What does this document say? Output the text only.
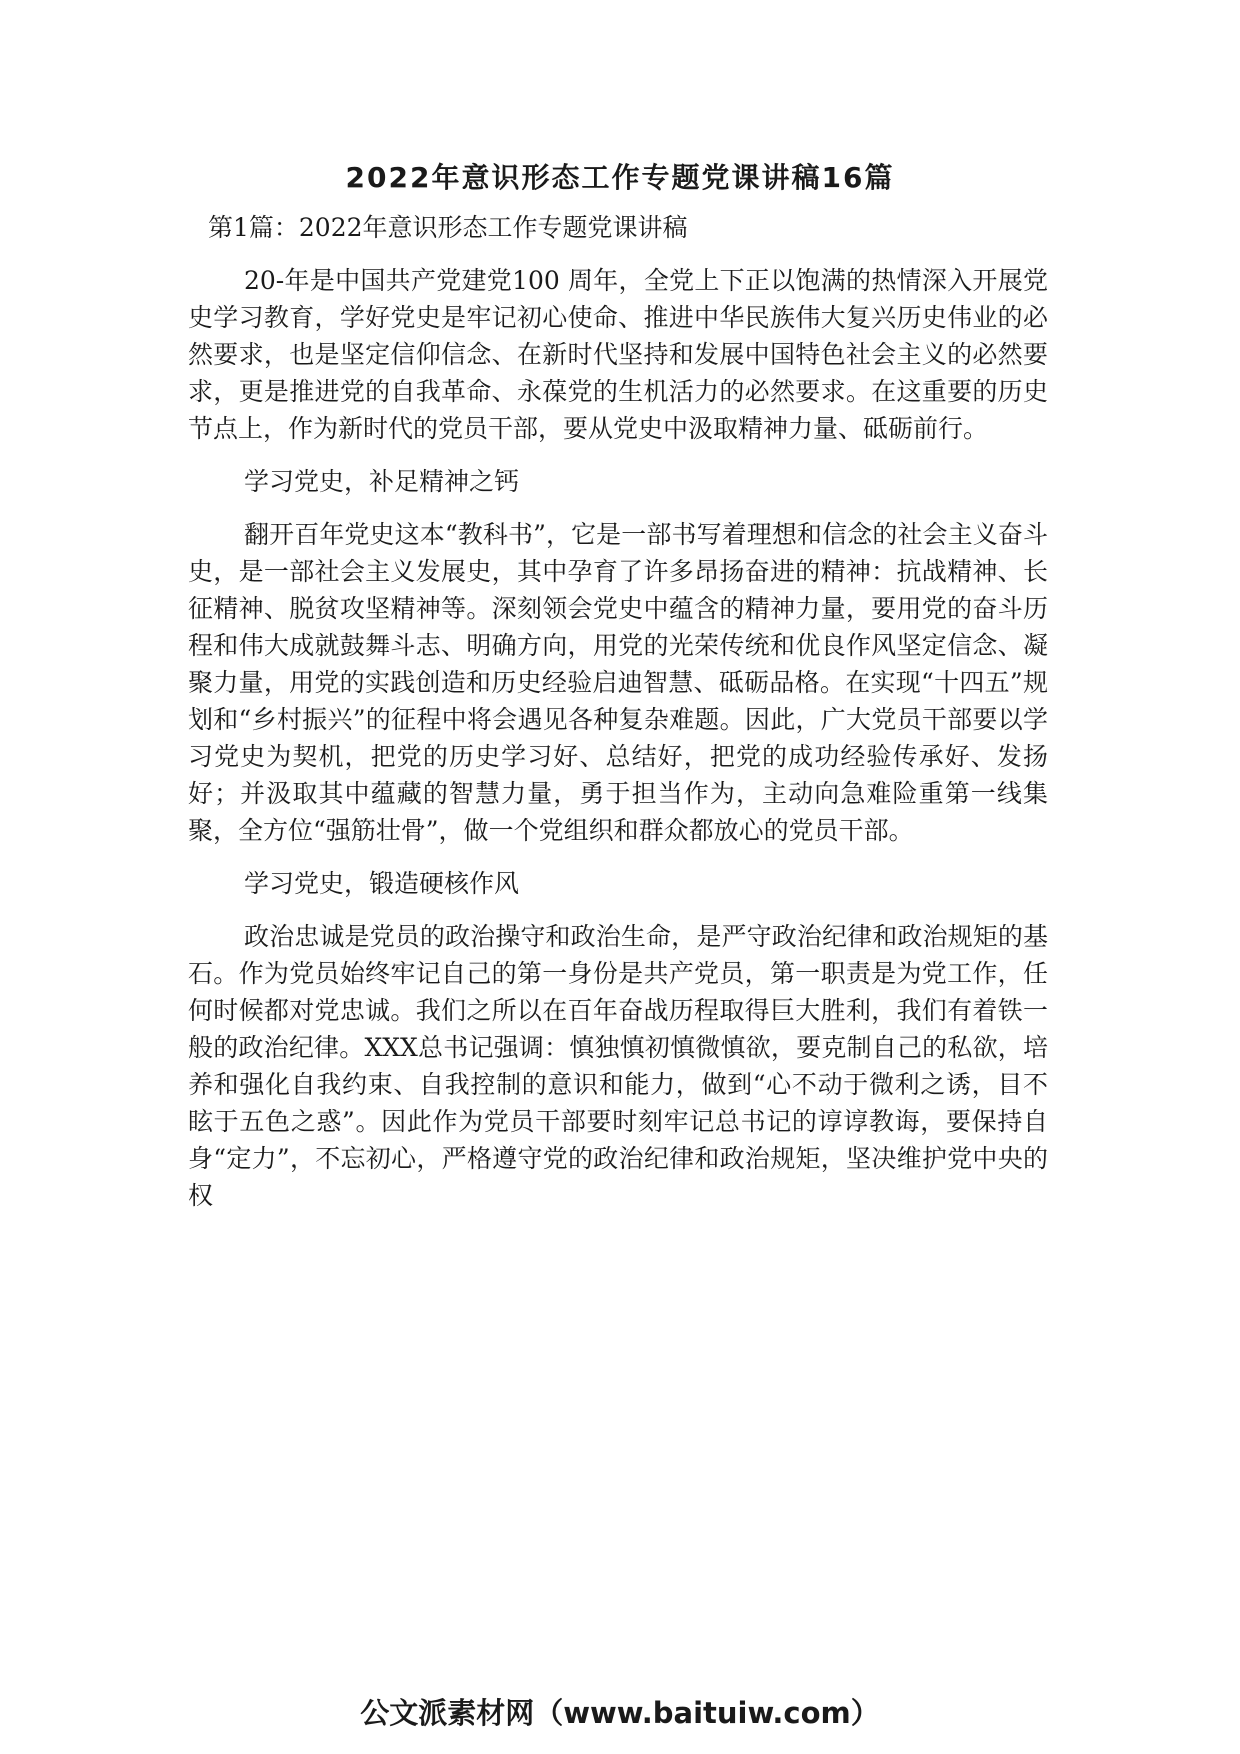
2022年意识形态工作专题党课讲稿16篇
第1篇：2022年意识形态工作专题党课讲稿

20-年是中国共产党建党100 周年，全党上下正以饱满的热情深入开展党史学习教育，学好党史是牢记初心使命、推进中华民族伟大复兴历史伟业的必然要求，也是坚定信仰信念、在新时代坚持和发展中国特色社会主义的必然要求，更是推进党的自我革命、永葆党的生机活力的必然要求。在这重要的历史节点上，作为新时代的党员干部，要从党史中汲取精神力量、砥砺前行。

学习党史，补足精神之钙

翻开百年党史这本“教科书”，它是一部书写着理想和信念的社会主义奋斗史，是一部社会主义发展史，其中孕育了许多昂扬奋进的精神：抗战精神、长征精神、脱贫攻坚精神等。深刻领会党史中蕴含的精神力量，要用党的奋斗历程和伟大成就鼓舞斗志、明确方向，用党的光荣传统和优良作风坚定信念、凝聚力量，用党的实践创造和历史经验启迪智慧、砥砺品格。在实现“十四五”规划和“乡村振兴”的征程中将会遇见各种复杂难题。因此，广大党员干部要以学习党史为契机，把党的历史学习好、总结好，把党的成功经验传承好、发扬好；并汲取其中蕴藏的智慧力量，勇于担当作为，主动向急难险重第一线集聚，全方位“强筋壮骨”，做一个党组织和群众都放心的党员干部。

学习党史，锻造硬核作风

政治忠诚是党员的政治操守和政治生命，是严守政治纪律和政治规矩的基石。作为党员始终牢记自己的第一身份是共产党员，第一职责是为党工作，任何时候都对党忠诚。我们之所以在百年奋战历程取得巨大胜利，我们有着铁一般的政治纪律。XXX总书记强调：慎独慎初慎微慎欲，要克制自己的私欲，培养和强化自我约束、自我控制的意识和能力，做到“心不动于微利之诱，目不眩于五色之惑”。因此作为党员干部要时刻牢记总书记的谆谆教诲，要保持自身“定力”，不忘初心，严格遵守党的政治纪律和政治规矩，坚决维护党中央的权

公文派素材网（www.baituiw.com）
